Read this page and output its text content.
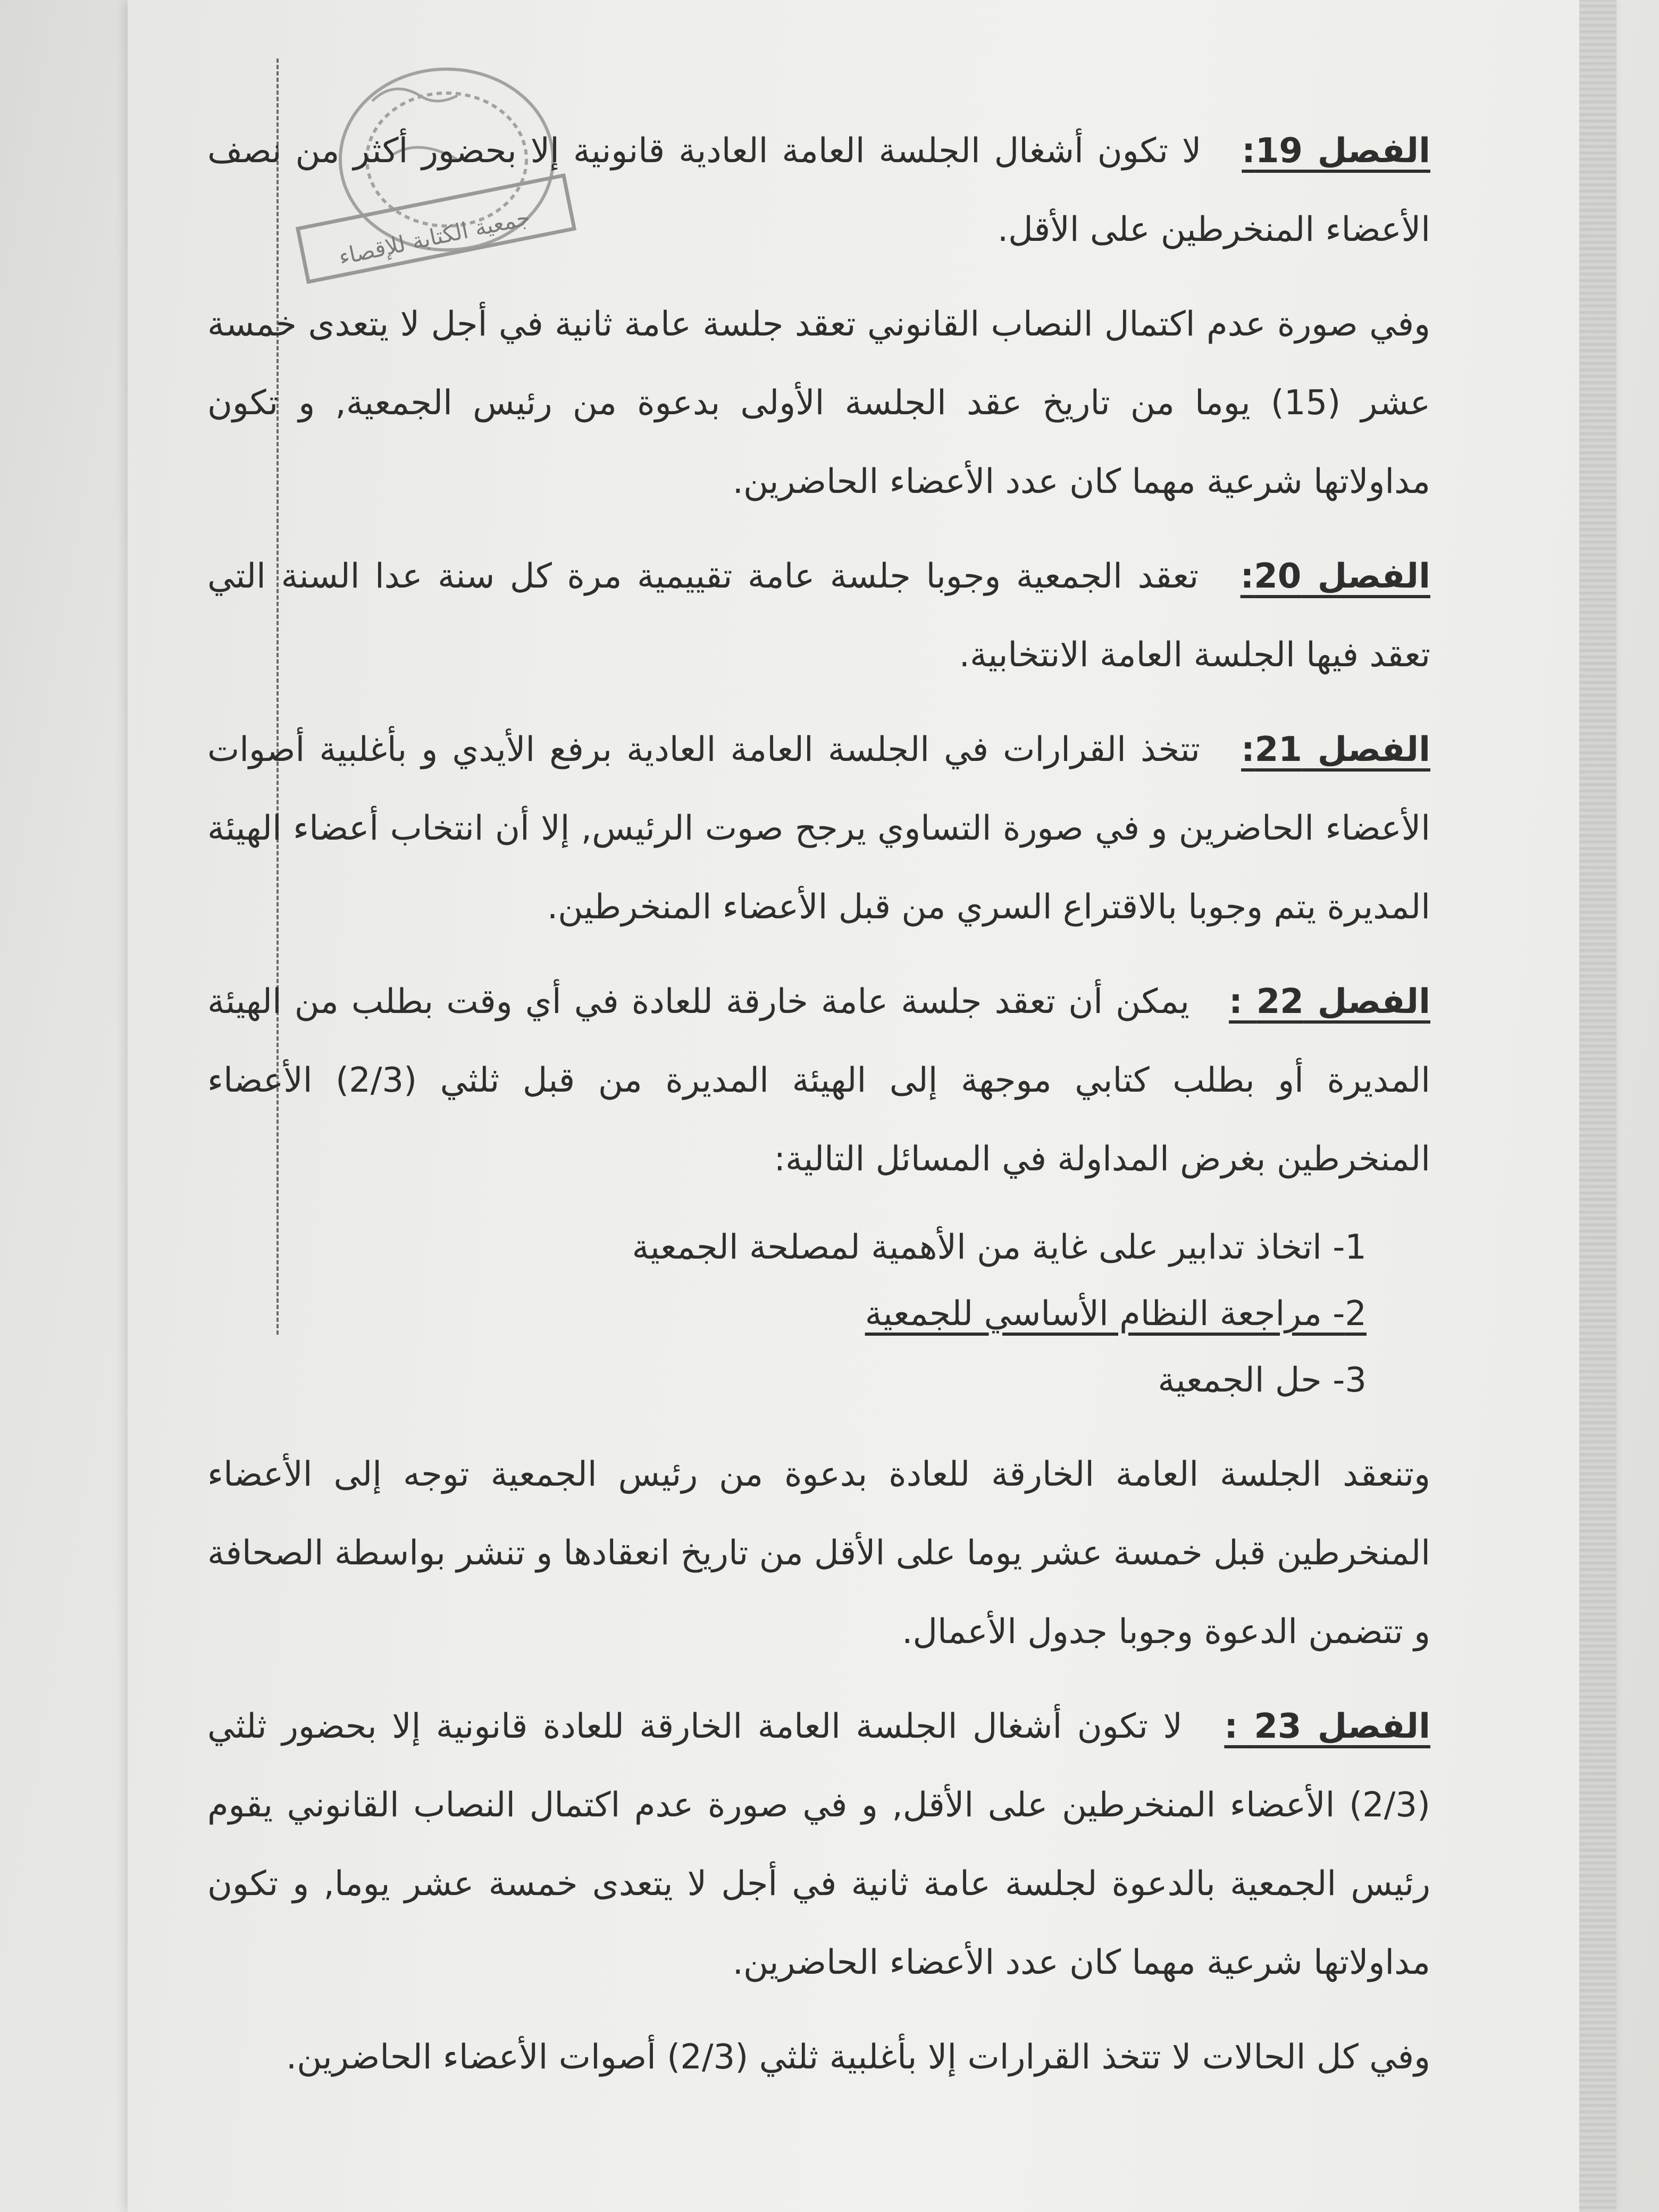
جمعية الكتابة للإقصاء

الفصل 19: لا تكون أشغال الجلسة العامة العادية قانونية إلا بحضور أكثر من نصف الأعضاء المنخرطين على الأقل.

وفي صورة عدم اكتمال النصاب القانوني تعقد جلسة عامة ثانية في أجل لا يتعدى خمسة عشر (15) يوما من تاريخ عقد الجلسة الأولى بدعوة من رئيس الجمعية, و تكون مداولاتها شرعية مهما كان عدد الأعضاء الحاضرين.

الفصل 20: تعقد الجمعية وجوبا جلسة عامة تقييمية مرة كل سنة عدا السنة التي تعقد فيها الجلسة العامة الانتخابية.

الفصل 21: تتخذ القرارات في الجلسة العامة العادية برفع الأيدي و بأغلبية أصوات الأعضاء الحاضرين و في صورة التساوي يرجح صوت الرئيس, إلا أن انتخاب أعضاء الهيئة المديرة يتم وجوبا بالاقتراع السري من قبل الأعضاء المنخرطين.

الفصل 22 : يمكن أن تعقد جلسة عامة خارقة للعادة في أي وقت بطلب من الهيئة المديرة أو بطلب كتابي موجهة إلى الهيئة المديرة من قبل ثلثي (2/3) الأعضاء المنخرطين بغرض المداولة في المسائل التالية:

1- اتخاذ تدابير على غاية من الأهمية لمصلحة الجمعية
2- مراجعة النظام الأساسي للجمعية
3- حل الجمعية

وتنعقد الجلسة العامة الخارقة للعادة بدعوة من رئيس الجمعية توجه إلى الأعضاء المنخرطين قبل خمسة عشر يوما على الأقل من تاريخ انعقادها و تنشر بواسطة الصحافة و تتضمن الدعوة وجوبا جدول الأعمال.

الفصل 23 : لا تكون أشغال الجلسة العامة الخارقة للعادة قانونية إلا بحضور ثلثي (2/3) الأعضاء المنخرطين على الأقل, و في صورة عدم اكتمال النصاب القانوني يقوم رئيس الجمعية بالدعوة لجلسة عامة ثانية في أجل لا يتعدى خمسة عشر يوما, و تكون مداولاتها شرعية مهما كان عدد الأعضاء الحاضرين.

وفي كل الحالات لا تتخذ القرارات إلا بأغلبية ثلثي (2/3) أصوات الأعضاء الحاضرين.
